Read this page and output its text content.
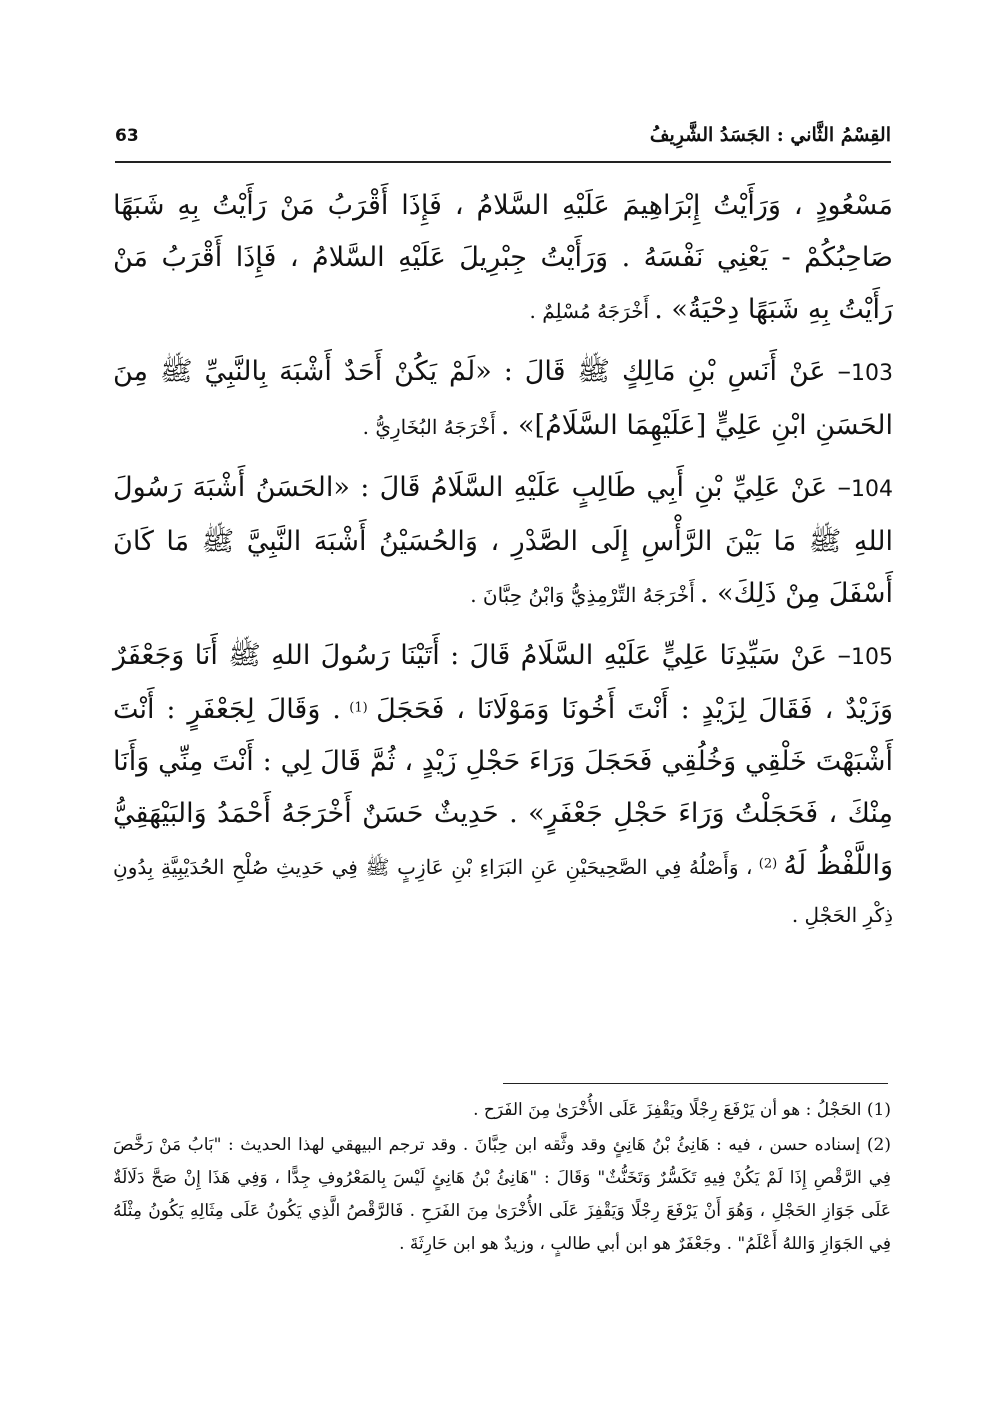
القِسْمُ الثَّاني : الجَسَدُ الشَّرِيفُ
63

مَسْعُودٍ ، وَرَأَيْتُ إِبْرَاهِيمَ عَلَيْهِ السَّلامُ ، فَإِذَا أَقْرَبُ مَنْ رَأَيْتُ بِهِ شَبَهًا صَاحِبُكُمْ - يَعْنِي نَفْسَهُ . وَرَأَيْتُ جِبْرِيلَ عَلَيْهِ السَّلامُ ، فَإِذَا أَقْرَبُ مَنْ رَأَيْتُ بِهِ شَبَهًا دِحْيَةُ» . أَخْرَجَهُ مُسْلِمٌ .

103– عَنْ أَنَسِ بْنِ مَالِكٍ ﷺ قَالَ : «لَمْ يَكُنْ أَحَدٌ أَشْبَهَ بِالنَّبِيِّ ﷺ مِنَ الحَسَنِ ابْنِ عَلِيٍّ [عَلَيْهِمَا السَّلَامُ]» . أَخْرَجَهُ البُخَارِيُّ .

104– عَنْ عَلِيِّ بْنِ أَبِي طَالِبٍ عَلَيْهِ السَّلَامُ قَالَ : «الحَسَنُ أَشْبَهَ رَسُولَ اللهِ ﷺ مَا بَيْنَ الرَّأْسِ إِلَى الصَّدْرِ ، وَالحُسَيْنُ أَشْبَهَ النَّبِيَّ ﷺ مَا كَانَ أَسْفَلَ مِنْ ذَلِكَ» . أَخْرَجَهُ التِّرْمِذِيُّ وَابْنُ حِبَّانَ .

105– عَنْ سَيِّدِنَا عَلِيٍّ عَلَيْهِ السَّلَامُ قَالَ : أَتَيْنَا رَسُولَ اللهِ ﷺ أَنَا وَجَعْفَرٌ وَزَيْدٌ ، فَقَالَ لِزَيْدٍ : أَنْتَ أَخُونَا وَمَوْلَانَا ، فَحَجَلَ $^{(1)}$ . وَقَالَ لِجَعْفَرٍ : أَنْتَ أَشْبَهْتَ خَلْقِي وَخُلُقِي فَحَجَلَ وَرَاءَ حَجْلِ زَيْدٍ ، ثُمَّ قَالَ لِي : أَنْتَ مِنِّي وَأَنَا مِنْكَ ، فَحَجَلْتُ وَرَاءَ حَجْلِ جَعْفَرٍ» . حَدِيثٌ حَسَنٌ أَخْرَجَهُ أَحْمَدُ وَالبَيْهَقِيُّ وَاللَّفْظُ لَهُ $^{(2)}$ ، وَأَصْلُهُ فِي الصَّحِيحَيْنِ عَنِ البَرَاءِ بْنِ عَازِبٍ ﷺ فِي حَدِيثِ صُلْحِ الحُدَيْبِيَّةِ بِدُونِ ذِكْرِ الحَجْلِ .

(1) الحَجْلُ : هو أن يَرْفَعَ رِجْلًا ويَقْفِزَ عَلَى الأُخْرَىٰ مِنَ الفَرَح .

(2) إسناده حسن ، فيه : هَانِئُ بْنُ هَانِئٍ وقد وثَّقه ابن حِبَّانَ . وقد ترجم البيهقي لهذا الحديث : "بَابُ مَنْ رَخَّصَ فِي الرَّقْصِ إِذَا لَمْ يَكُنْ فِيهِ تَكَسُّرٌ وَتَخَنُّثٌ" وَقَالَ : "هَانِئُ بْنُ هَانِئٍ لَيْسَ بِالمَعْرُوفِ جِدًّا ، وَفِي هَذَا إِنْ صَحَّ دَلَالَةٌ عَلَى جَوَازِ الحَجْلِ ، وَهُوَ أَنْ يَرْفَعَ رِجْلًا وَيَقْفِزَ عَلَى الأُخْرَىٰ مِنَ الفَرَحِ . فَالرَّقْصُ الَّذِي يَكُونُ عَلَى مِثَالِهِ يَكُونُ مِثْلَهُ فِي الجَوَازِ وَاللهُ أَعْلَمُ" . وجَعْفَرٌ هو ابن أبي طالبٍ ، وزيدٌ هو ابن حَارِثَةَ .
